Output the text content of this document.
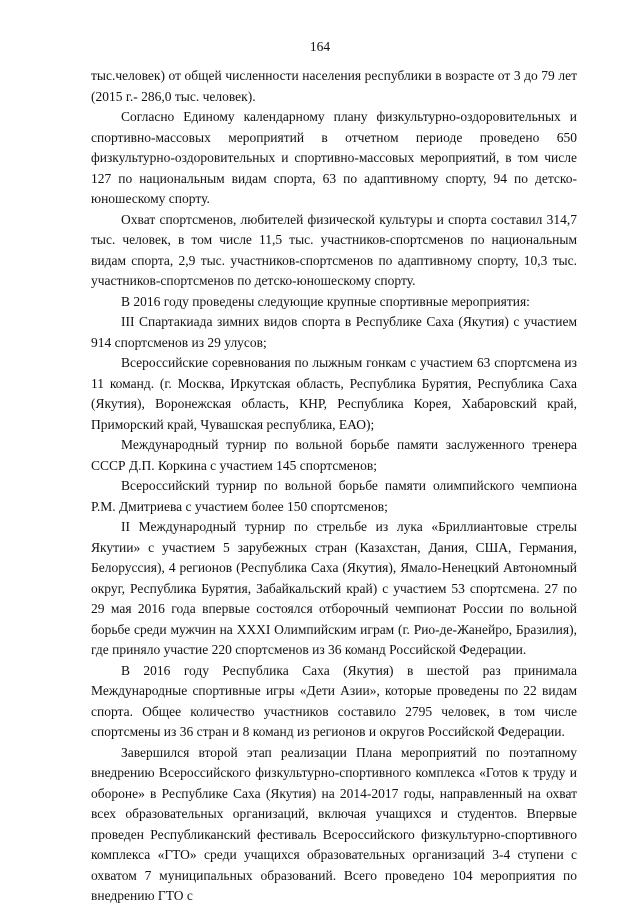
164

тыс.человек) от общей численности населения республики в возрасте от 3 до 79 лет (2015 г.- 286,0 тыс. человек).

Согласно Единому календарному плану физкультурно-оздоровительных и спортивно-массовых мероприятий в отчетном периоде проведено 650 физкультурно-оздоровительных и спортивно-массовых мероприятий, в том числе 127 по национальным видам спорта, 63 по адаптивному спорту, 94 по детско-юношескому спорту.

Охват спортсменов, любителей физической культуры и спорта составил 314,7 тыс. человек, в том числе 11,5 тыс. участников-спортсменов по национальным видам спорта, 2,9 тыс. участников-спортсменов по адаптивному спорту, 10,3 тыс. участников-спортсменов по детско-юношескому спорту.

В 2016 году проведены следующие крупные спортивные мероприятия:

III Спартакиада зимних видов спорта в Республике Саха (Якутия) с участием 914 спортсменов из 29 улусов;

Всероссийские соревнования по лыжным гонкам с участием 63 спортсмена из 11 команд. (г. Москва, Иркутская область, Республика Бурятия, Республика Саха (Якутия), Воронежская область, КНР, Республика Корея, Хабаровский край, Приморский край, Чувашская республика, ЕАО);

Международный турнир по вольной борьбе памяти заслуженного тренера СССР Д.П. Коркина с участием 145 спортсменов;

Всероссийский турнир по вольной борьбе памяти олимпийского чемпиона Р.М. Дмитриева с участием более 150 спортсменов;

II Международный турнир по стрельбе из лука «Бриллиантовые стрелы Якутии» с участием 5 зарубежных стран (Казахстан, Дания, США, Германия, Белоруссия), 4 регионов (Республика Саха (Якутия), Ямало-Ненецкий Автономный округ, Республика Бурятия, Забайкальский край) с участием 53 спортсмена. 27 по 29 мая 2016 года впервые состоялся отборочный чемпионат России по вольной борьбе среди мужчин на XXXI Олимпийским играм (г. Рио-де-Жанейро, Бразилия), где приняло участие 220 спортсменов из 36 команд Российской Федерации.

В 2016 году Республика Саха (Якутия) в шестой раз принимала Международные спортивные игры «Дети Азии», которые проведены по 22 видам спорта. Общее количество участников составило 2795 человек, в том числе спортсмены из 36 стран и 8 команд из регионов и округов Российской Федерации.

Завершился второй этап реализации Плана мероприятий по поэтапному внедрению Всероссийского физкультурно-спортивного комплекса «Готов к труду и обороне» в Республике Саха (Якутия) на 2014-2017 годы, направленный на охват всех образовательных организаций, включая учащихся и студентов. Впервые проведен Республиканский фестиваль Всероссийского физкультурно-спортивного комплекса «ГТО» среди учащихся образовательных организаций 3-4 ступени с охватом 7 муниципальных образований. Всего проведено 104 мероприятия по внедрению ГТО с
